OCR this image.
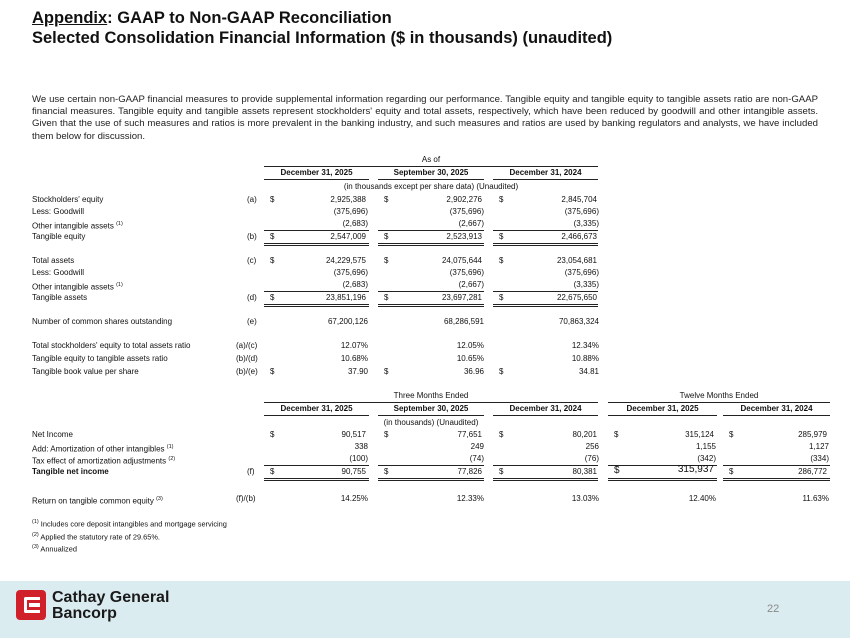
Appendix: GAAP to Non-GAAP Reconciliation
Selected Consolidation Financial Information ($ in thousands) (unaudited)
We use certain non-GAAP financial measures to provide supplemental information regarding our performance. Tangible equity and tangible equity to tangible assets ratio are non-GAAP financial measures. Tangible equity and tangible assets represent stockholders' equity and total assets, respectively, which have been reduced by goodwill and other intangible assets. Given that the use of such measures and ratios is more prevalent in the banking industry, and such measures and ratios are used by banking regulators and analysts, we have included them below for discussion.
As of
December 31, 2025	September 30, 2025	December 31, 2024
(in thousands except per share data) (Unaudited)
Stockholders' equity	(a) $	2,925,388 $	2,902,276 $	2,845,704
Less: Goodwill	(375,696)	(375,696)	(375,696)
Other intangible assets $^{(1)}$	(2,683)	(2,667)	(3,335)
Tangible equity	(b) $	2,547,009 $	2,523,913 $	2,466,673
Total assets	(c) $	24,229,575 $	24,075,644 $	23,054,681
Less: Goodwill	(375,696)	(375,696)	(375,696)
Other intangible assets $^{(1)}$	(2,683)	(2,667)	(3,335)
Tangible assets	(d) $	23,851,196 $	23,697,281 $	22,675,650
Number of common shares outstanding	(e)	67,200,126	68,286,591	70,863,324
Total stockholders' equity to total assets ratio	(a)/(c)	12.07%	12.05%	12.34%
Tangible equity to tangible assets ratio	(b)/(d)	10.68%	10.65%	10.88%
Tangible book value per share	(b)/(e) $	37.90 $	36.96 $	34.81
Three Months Ended	Twelve Months Ended
December 31, 2025	September 30, 2025	December 31, 2024	December 31, 2025	December 31, 2024
(in thousands) (Unaudited)
Net Income	$	90,517 $	77,651 $	80,201 $	315,124 $	285,979
Add: Amortization of other intangibles $^{(1)}$	338	249	256	1,155	1,127
Tax effect of amortization adjustments $^{(2)}$	(100)	(74)	(76)	(342)	(334)
Tangible net income	(f) $	90,755 $	77,826 $	80,381 $	315,937 $	286,772
Return on tangible common equity $^{(3)}$	(f)/(b)	14.25%	12.33%	13.03%	12.40%	11.63%
$^{(1)}$ Includes core deposit intangibles and mortgage servicing
$^{(2)}$ Applied the statutory rate of 29.65%.
$^{(3)}$ Annualized
Cathay General
Bancorp	22
